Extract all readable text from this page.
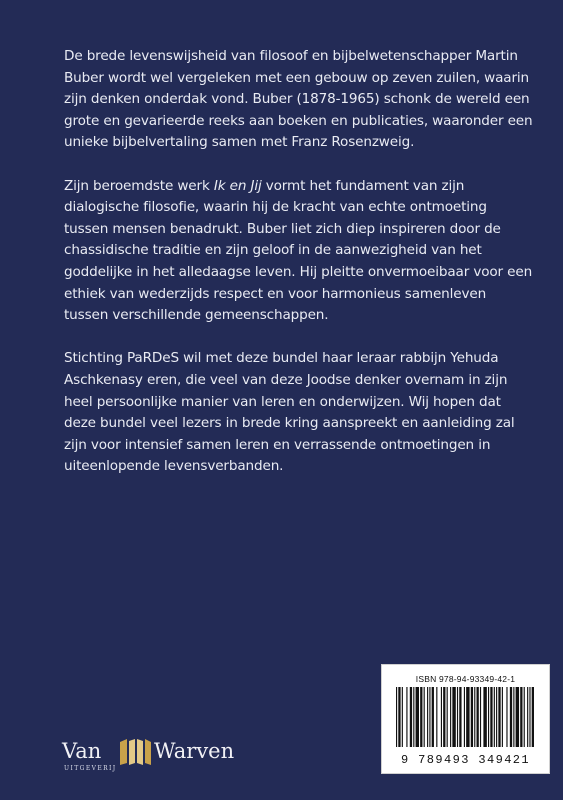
De brede levenswijsheid van filosoof en bijbelwetenschapper Martin Buber wordt wel vergeleken met een gebouw op zeven zuilen, waarin zijn denken onderdak vond. Buber (1878-1965) schonk de wereld een grote en gevarieerde reeks aan boeken en publicaties, waaronder een unieke bijbelvertaling samen met Franz Rosenzweig.

Zijn beroemdste werk Ik en Jij vormt het fundament van zijn dialogische filosofie, waarin hij de kracht van echte ontmoeting tussen mensen benadrukt. Buber liet zich diep inspireren door de chassidische traditie en zijn geloof in de aanwezigheid van het goddelijke in het alledaagse leven. Hij pleitte onvermoeibaar voor een ethiek van wederzijds respect en voor harmonieus samenleven tussen verschillende gemeenschappen.

Stichting PaRDeS wil met deze bundel haar leraar rabbijn Yehuda Aschkenasy eren, die veel van deze Joodse denker overnam in zijn heel persoonlijke manier van leren en onderwijzen. Wij hopen dat deze bundel veel lezers in brede kring aanspreekt en aanleiding zal zijn voor intensief samen leren en verrassende ontmoetingen in uiteenlopende levensverbanden.

Van
UITGEVERIJ
Warven
ISBN 978-94-93349-42-1
9 789493 349421
